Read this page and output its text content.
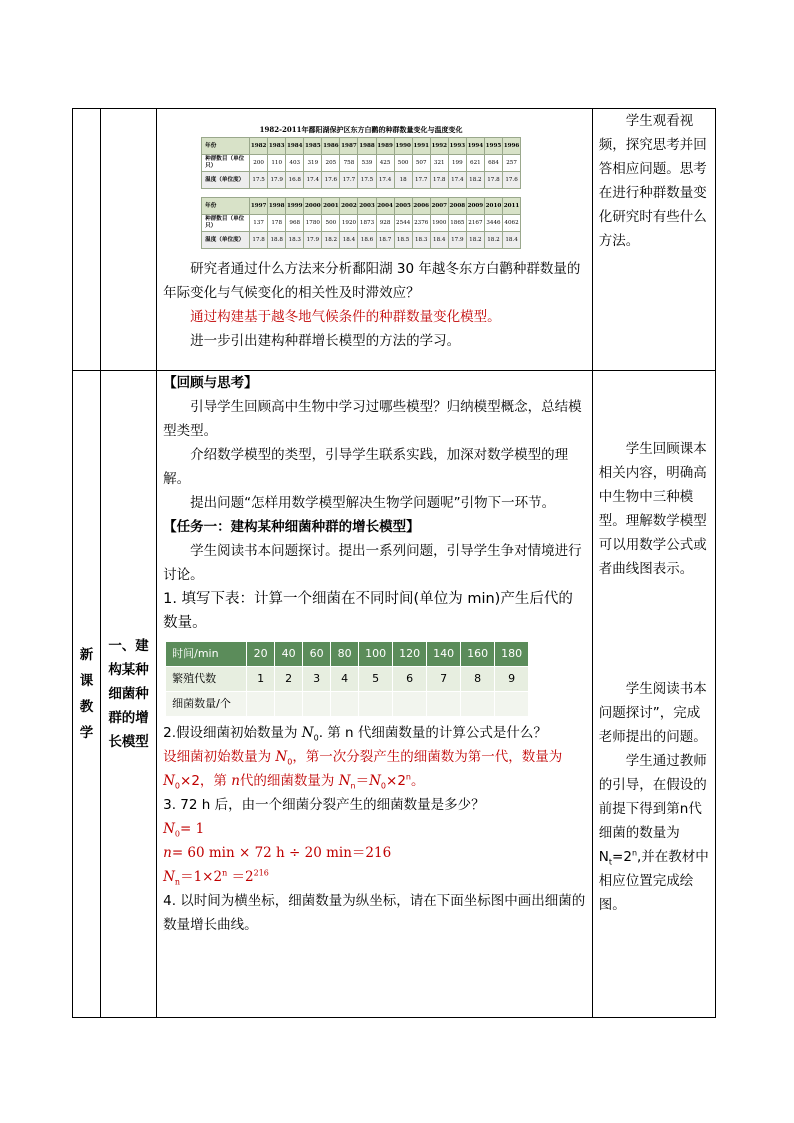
1982-2011年鄱阳湖保护区东方白鹳的种群数量变化与温度变化
年份	1982	1983	1984	1985	1986	1987	1988	1989	1990	1991	1992	1993	1994	1995	1996
种群数目（单位只）	200	110	403	319	205	758	539	425	500	507	321	199	621	684	257
温度（单位度）	17.5	17.9	16.8	17.4	17.6	17.7	17.5	17.4	18	17.7	17.8	17.4	18.2	17.8	17.6
年份	1997	1998	1999	2000	2001	2002	2003	2004	2005	2006	2007	2008	2009	2010	2011
种群数目（单位只）	137	178	968	1780	500	1920	1873	928	2544	2376	1900	1865	2167	3446	4062
温度（单位度）	17.8	18.8	18.3	17.9	18.2	18.4	18.6	18.7	18.5	18.3	18.4	17.9	18.2	18.2	18.4

研究者通过什么方法来分析鄱阳湖 30 年越冬东方白鹳种群数量的年际变化与气候变化的相关性及时滞效应？

通过构建基于越冬地气候条件的种群数量变化模型。

进一步引出建构种群增长模型的方法的学习。

学生观看视频，探究思考并回答相应问题。思考在进行种群数量变化研究时有些什么方法。

新课教学

一、建构某种细菌种群的增长模型

【回顾与思考】

引导学生回顾高中生物中学习过哪些模型？归纳模型概念，总结模型类型。

介绍数学模型的类型，引导学生联系实践，加深对数学模型的理解。

提出问题“怎样用数学模型解决生物学问题呢”引物下一环节。

【任务一：建构某种细菌种群的增长模型】

学生阅读书本问题探讨。提出一系列问题，引导学生争对情境进行讨论。

1. 填写下表：计算一个细菌在不同时间(单位为 min)产生后代的数量。

时间/min	20	40	60	80	100	120	140	160	180
繁殖代数	1	2	3	4	5	6	7	8	9
细菌数量/个									

2.假设细菌初始数量为 $N_0$. 第 n 代细菌数量的计算公式是什么？

设细菌初始数量为 $N_0$，第一次分裂产生的细菌数为第一代，数量为 $N_0\times 2$，第 n代的细菌数量为 $N_n=N_0\times 2^n$。

3. 72 h 后，由一个细菌分裂产生的细菌数量是多少？

$N_0= 1$

n= 60 min × 72 h ÷ 20 min＝216

$N_n=1\times 2^n =2^{216}$

4. 以时间为横坐标，细菌数量为纵坐标，请在下面坐标图中画出细菌的数量增长曲线。

学生回顾课本相关内容，明确高中生物中三种模型。理解数学模型可以用数学公式或者曲线图表示。

学生阅读书本问题探讨”，完成老师提出的问题。

学生通过教师的引导，在假设的前提下得到第n代细菌的数量为$N_t=2^n$,并在教材中相应位置完成绘图。
